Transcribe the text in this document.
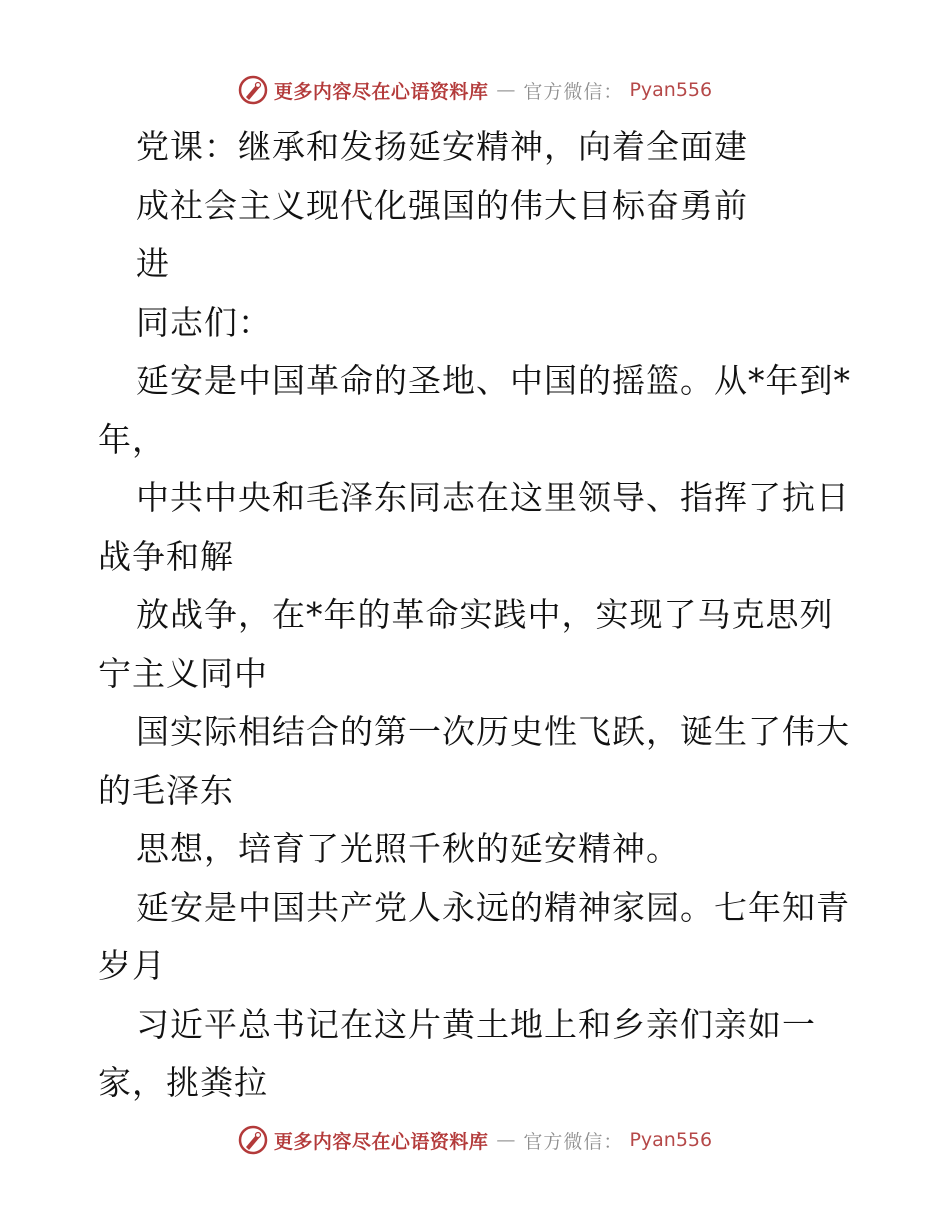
更多内容尽在心语资料库 — 官方微信： Pyan556
党课：继承和发扬延安精神，向着全面建
成社会主义现代化强国的伟大目标奋勇前
进
同志们：
延安是中国革命的圣地、中国的摇篮。从*年到*
年，
中共中央和毛泽东同志在这里领导、指挥了抗日
战争和解
放战争，在*年的革命实践中，实现了马克思列
宁主义同中
国实际相结合的第一次历史性飞跃，诞生了伟大
的毛泽东
思想，培育了光照千秋的延安精神。
延安是中国共产党人永远的精神家园。七年知青
岁月
习近平总书记在这片黄土地上和乡亲们亲如一
家，挑粪拉
更多内容尽在心语资料库 — 官方微信： Pyan556
